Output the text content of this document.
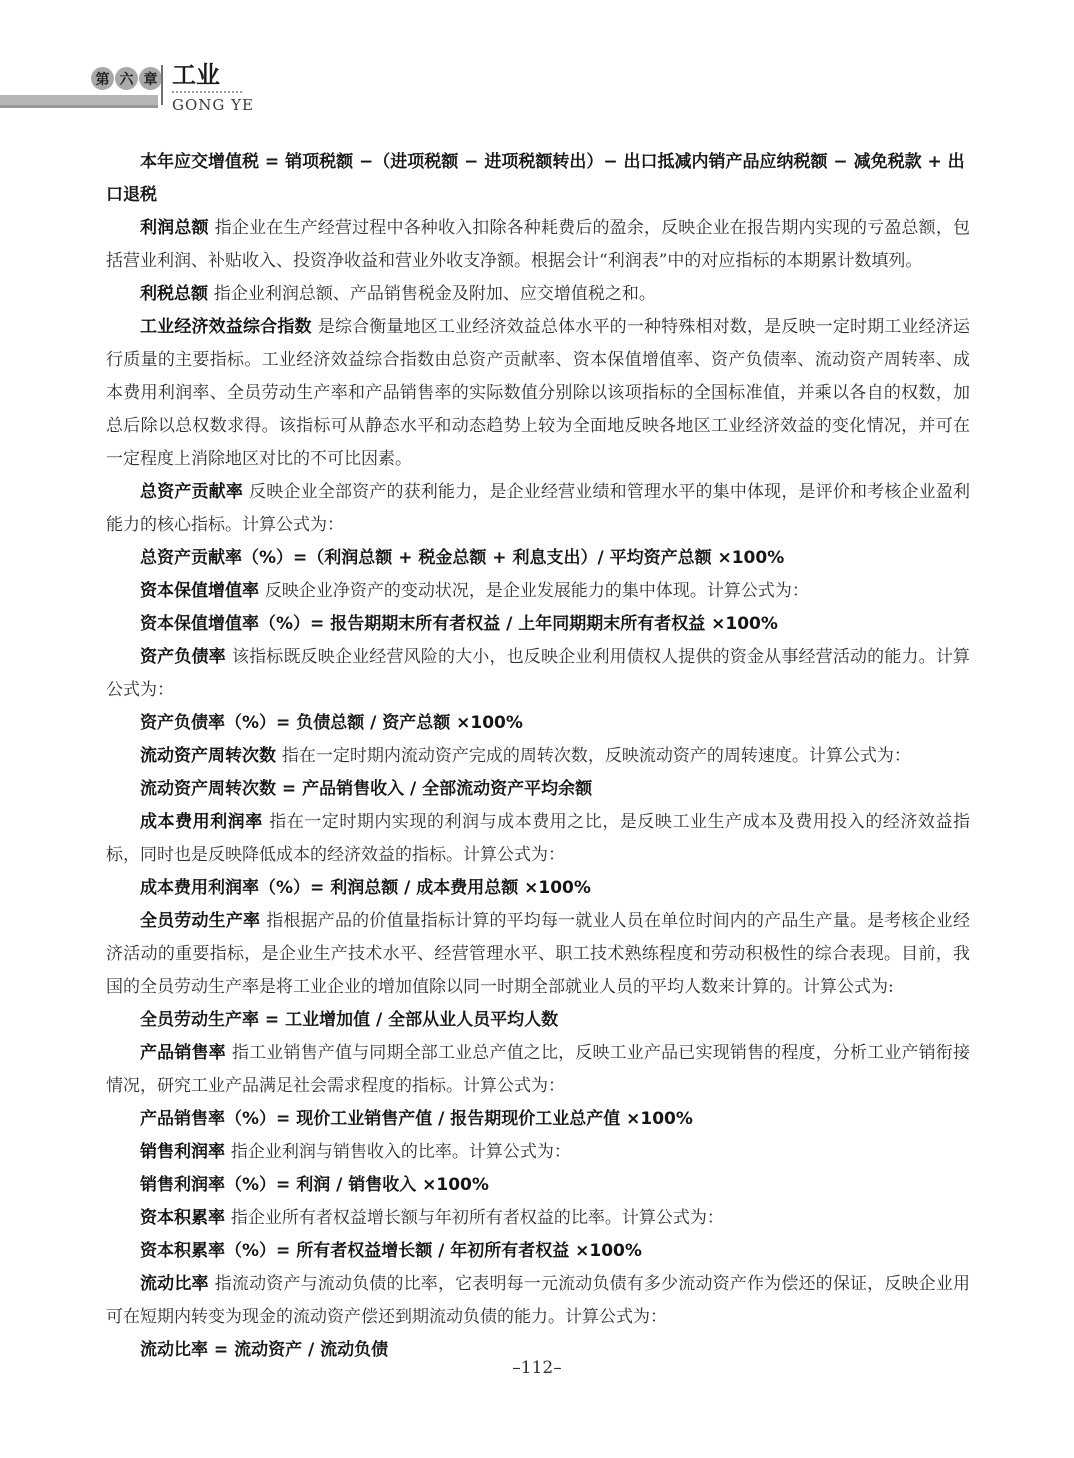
第 六 章 工业
GONG YE

本年应交增值税 = 销项税额 −（进项税额 − 进项税额转出）− 出口抵减内销产品应纳税额 − 减免税款 + 出口退税

利润总额 指企业在生产经营过程中各种收入扣除各种耗费后的盈余，反映企业在报告期内实现的亏盈总额，包括营业利润、补贴收入、投资净收益和营业外收支净额。根据会计“利润表”中的对应指标的本期累计数填列。

利税总额 指企业利润总额、产品销售税金及附加、应交增值税之和。

工业经济效益综合指数 是综合衡量地区工业经济效益总体水平的一种特殊相对数，是反映一定时期工业经济运行质量的主要指标。工业经济效益综合指数由总资产贡献率、资本保值增值率、资产负债率、流动资产周转率、成本费用利润率、全员劳动生产率和产品销售率的实际数值分别除以该项指标的全国标准值，并乘以各自的权数，加总后除以总权数求得。该指标可从静态水平和动态趋势上较为全面地反映各地区工业经济效益的变化情况，并可在一定程度上消除地区对比的不可比因素。

总资产贡献率 反映企业全部资产的获利能力，是企业经营业绩和管理水平的集中体现，是评价和考核企业盈利能力的核心指标。计算公式为：

总资产贡献率（%）=（利润总额 + 税金总额 + 利息支出）/ 平均资产总额 ×100%

资本保值增值率 反映企业净资产的变动状况，是企业发展能力的集中体现。计算公式为：

资本保值增值率（%）= 报告期期末所有者权益 / 上年同期期末所有者权益 ×100%

资产负债率 该指标既反映企业经营风险的大小，也反映企业利用债权人提供的资金从事经营活动的能力。计算公式为：

资产负债率（%）= 负债总额 / 资产总额 ×100%

流动资产周转次数 指在一定时期内流动资产完成的周转次数，反映流动资产的周转速度。计算公式为：

流动资产周转次数 = 产品销售收入 / 全部流动资产平均余额

成本费用利润率 指在一定时期内实现的利润与成本费用之比，是反映工业生产成本及费用投入的经济效益指标，同时也是反映降低成本的经济效益的指标。计算公式为：

成本费用利润率（%）= 利润总额 / 成本费用总额 ×100%

全员劳动生产率 指根据产品的价值量指标计算的平均每一就业人员在单位时间内的产品生产量。是考核企业经济活动的重要指标，是企业生产技术水平、经营管理水平、职工技术熟练程度和劳动积极性的综合表现。目前，我国的全员劳动生产率是将工业企业的增加值除以同一时期全部就业人员的平均人数来计算的。计算公式为:

全员劳动生产率 = 工业增加值 / 全部从业人员平均人数

产品销售率 指工业销售产值与同期全部工业总产值之比，反映工业产品已实现销售的程度，分析工业产销衔接情况，研究工业产品满足社会需求程度的指标。计算公式为：

产品销售率（%）= 现价工业销售产值 / 报告期现价工业总产值 ×100%

销售利润率 指企业利润与销售收入的比率。计算公式为：

销售利润率（%）= 利润 / 销售收入 ×100%

资本积累率 指企业所有者权益增长额与年初所有者权益的比率。计算公式为：

资本积累率（%）= 所有者权益增长额 / 年初所有者权益 ×100%

流动比率 指流动资产与流动负债的比率，它表明每一元流动负债有多少流动资产作为偿还的保证，反映企业用可在短期内转变为现金的流动资产偿还到期流动负债的能力。计算公式为：

流动比率 = 流动资产 / 流动负债

–112–
